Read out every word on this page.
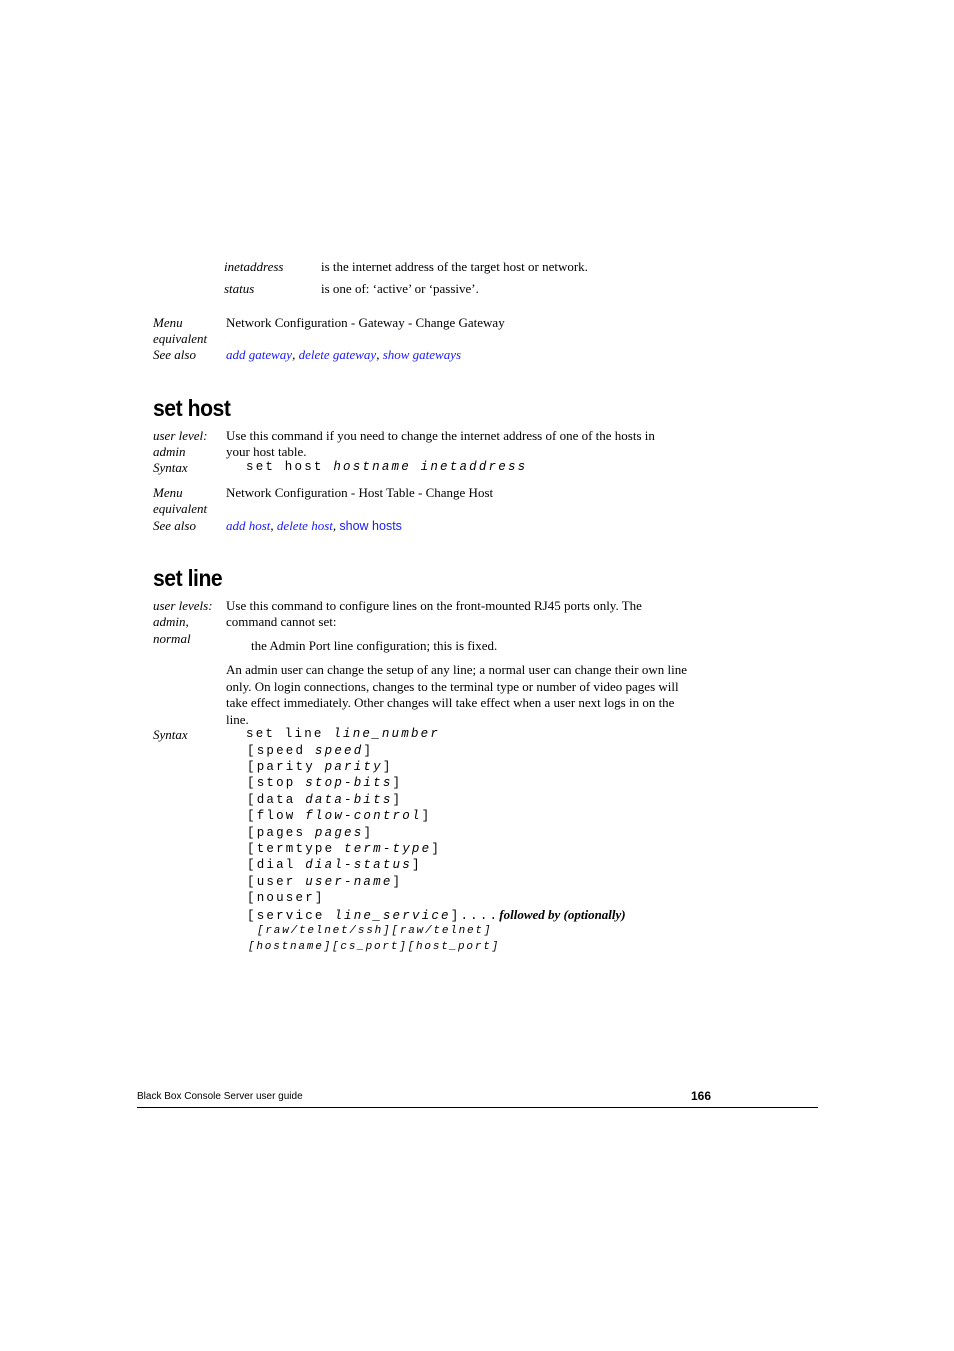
inetaddress	is the internet address of the target host or network.
status	is one of: ‘active’ or ‘passive’.
Menu
equivalent
Network Configuration - Gateway - Change Gateway
See also add gateway, delete gateway, show gateways
set host
user level:
admin
Use this command if you need to change the internet address of one of the hosts in
your host table.
Syntax	set host hostname inetaddress
Menu
equivalent
Network Configuration - Host Table - Change Host
See also add host, delete host, show hosts
set line
user levels:
admin,
normal
Use this command to configure lines on the front-mounted RJ45 ports only. The
command cannot set:
the Admin Port line configuration; this is fixed.
An admin user can change the setup of any line; a normal user can change their own line only. On login connections, changes to the terminal type or number of video pages will take effect immediately. Other changes will take effect when a user next logs in on the line.
Syntax	set line line_number
[speed speed]
[parity parity]
[stop stop-bits]
[data data-bits]
[flow flow-control]
[pages pages]
[termtype term-type]
[dial dial-status]
[user user-name]
[nouser]
[service line_service]....followed by (optionally)
[raw/telnet/ssh][raw/telnet]
[hostname][cs_port][host_port]
Black Box Console Server user guide	166
